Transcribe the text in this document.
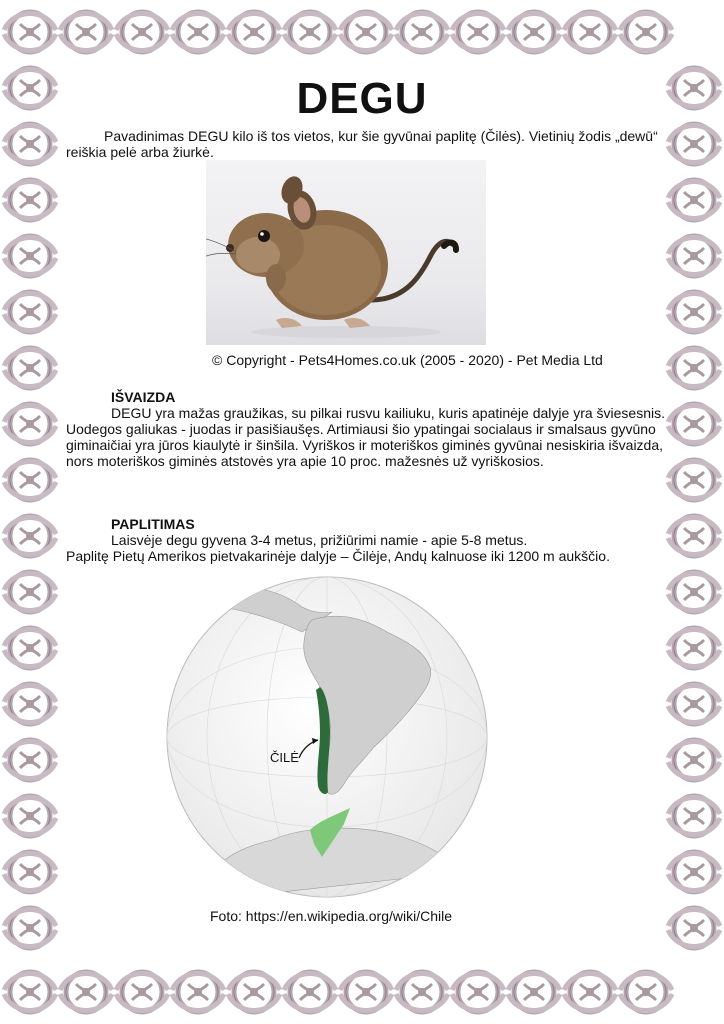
DEGU

Pavadinimas DEGU kilo iš tos vietos, kur šie gyvūnai paplitę (Čilės). Vietinių žodis „dewū“ reiškia pelė arba žiurkė.

© Copyright - Pets4Homes.co.uk (2005 - 2020) - Pet Media Ltd
IŠVAIZDA

DEGU yra mažas graužikas, su pilkai rusvu kailiuku, kuris apatinėje dalyje yra šviesesnis. Uodegos galiukas - juodas ir pasišiaušęs. Artimiausi šio ypatingai socialaus ir smalsaus gyvūno giminaičiai yra jūros kiaulytė ir šinšila. Vyriškos ir moteriškos giminės gyvūnai nesiskiria išvaizda, nors moteriškos giminės atstovės yra apie 10 proc. mažesnės už vyriškosios.

PAPLITIMAS
Laisvėje degu gyvena 3-4 metus, prižiūrimi namie - apie 5-8 metus.
Paplitę Pietų Amerikos pietvakarinėje dalyje – Čilėje, Andų kalnuose iki 1200 m aukščio.
ČILĖ
Foto: https://en.wikipedia.org/wiki/Chile
